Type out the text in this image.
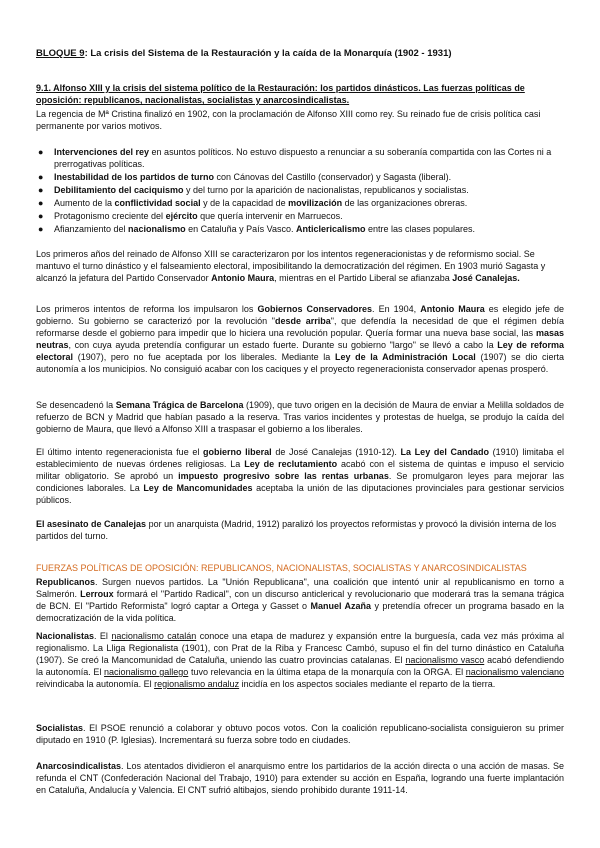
BLOQUE 9: La crisis del Sistema de la Restauración y la caída de la Monarquía (1902 - 1931)

9.1. Alfonso XIII y la crisis del sistema político de la Restauración: los partidos dinásticos. Las fuerzas políticas de oposición: republicanos, nacionalistas, socialistas y anarcosindicalistas.

La regencia de Mª Cristina finalizó en 1902, con la proclamación de Alfonso XIII como rey. Su reinado fue de crisis política casi permanente por varios motivos.

● Intervenciones del rey en asuntos políticos. No estuvo dispuesto a renunciar a su soberanía compartida con las Cortes ni a prerrogativas políticas.
● Inestabilidad de los partidos de turno con Cánovas del Castillo (conservador) y Sagasta (liberal).
● Debilitamiento del caciquismo y del turno por la aparición de nacionalistas, republicanos y socialistas.
● Aumento de la conflictividad social y de la capacidad de movilización de las organizaciones obreras.
● Protagonismo creciente del ejército que quería intervenir en Marruecos.
● Afianzamiento del nacionalismo en Cataluña y País Vasco. Anticlericalismo entre las clases populares.

Los primeros años del reinado de Alfonso XIII se caracterizaron por los intentos regeneracionistas y de reformismo social. Se mantuvo el turno dinástico y el falseamiento electoral, imposibilitando la democratización del régimen. En 1903 murió Sagasta y alcanzó la jefatura del Partido Conservador Antonio Maura, mientras en el Partido Liberal se afianzaba José Canalejas.

Los primeros intentos de reforma los impulsaron los Gobiernos Conservadores. En 1904, Antonio Maura es elegido jefe de gobierno. Su gobierno se caracterizó por la revolución "desde arriba", que defendía la necesidad de que el régimen debía reformarse desde el gobierno para impedir que lo hiciera una revolución popular. Quería formar una nueva base social, las masas neutras, con cuya ayuda pretendía configurar un estado fuerte. Durante su gobierno "largo" se llevó a cabo la Ley de reforma electoral (1907), pero no fue aceptada por los liberales. Mediante la Ley de la Administración Local (1907) se dio cierta autonomía a los municipios. No consiguió acabar con los caciques y el proyecto regeneracionista conservador apenas prosperó.

Se desencadenó la Semana Trágica de Barcelona (1909), que tuvo origen en la decisión de Maura de enviar a Melilla soldados de refuerzo de BCN y Madrid que habían pasado a la reserva. Tras varios incidentes y protestas de huelga, se produjo la caída del gobierno de Maura, que llevó a Alfonso XIII a traspasar el gobierno a los liberales.

El último intento regeneracionista fue el gobierno liberal de José Canalejas (1910-12). La Ley del Candado (1910) limitaba el establecimiento de nuevas órdenes religiosas. La Ley de reclutamiento acabó con el sistema de quintas e impuso el servicio militar obligatorio. Se aprobó un impuesto progresivo sobre las rentas urbanas. Se promulgaron leyes para mejorar las condiciones laborales. La Ley de Mancomunidades aceptaba la unión de las diputaciones provinciales para gestionar servicios públicos.

El asesinato de Canalejas por un anarquista (Madrid, 1912) paralizó los proyectos reformistas y provocó la división interna de los partidos del turno.

FUERZAS POLÍTICAS DE OPOSICIÓN: REPUBLICANOS, NACIONALISTAS, SOCIALISTAS Y ANARCOSINDICALISTAS

Republicanos. Surgen nuevos partidos. La "Unión Republicana", una coalición que intentó unir al republicanismo en torno a Salmerón. Lerroux formará el "Partido Radical", con un discurso anticlerical y revolucionario que moderará tras la semana trágica de BCN. El "Partido Reformista" logró captar a Ortega y Gasset o Manuel Azaña y pretendía ofrecer un programa basado en la democratización de la vida política.

Nacionalistas. El nacionalismo catalán conoce una etapa de madurez y expansión entre la burguesía, cada vez más próxima al regionalismo. La Lliga Regionalista (1901), con Prat de la Riba y Francesc Cambó, supuso el fin del turno dinástico en Cataluña (1907). Se creó la Mancomunidad de Cataluña, uniendo las cuatro provincias catalanas. El nacionalismo vasco acabó defendiendo la autonomía. El nacionalismo gallego tuvo relevancia en la última etapa de la monarquía con la ORGA. El nacionalismo valenciano reivindicaba la autonomía. El regionalismo andaluz incidía en los aspectos sociales mediante el reparto de la tierra.

Socialistas. El PSOE renunció a colaborar y obtuvo pocos votos. Con la coalición republicano-socialista consiguieron su primer diputado en 1910 (P. Iglesias). Incrementará su fuerza sobre todo en ciudades.

Anarcosindicalistas. Los atentados dividieron el anarquismo entre los partidarios de la acción directa o una acción de masas. Se refunda el CNT (Confederación Nacional del Trabajo, 1910) para extender su acción en España, logrando una fuerte implantación en Cataluña, Andalucía y Valencia. El CNT sufrió altibajos, siendo prohibido durante 1911-14.
